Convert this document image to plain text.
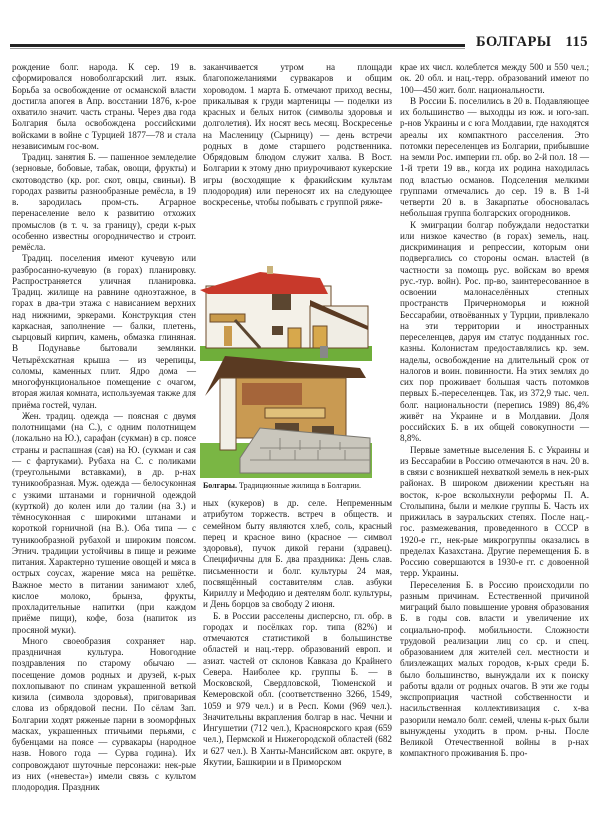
БОЛГАРЫ 115

рождение болг. народа. К сер. 19 в. сформировался новоболгарский лит. язык. Борьба за освобождение от османской власти достигла апогея в Апр. восстании 1876, к-рое охватило значит. часть страны. Через два года Болгария была освобождена российскими войсками в войне с Турцией 1877—78 и стала независимым гос-вом.

Традиц. занятия Б. — пашенное земледелие (зерновые, бобовые, табак, овощи, фрукты) и скотоводство (кр. рог. скот, овцы, свиньи). В городах развиты разнообразные ремёсла, в 19 в. зародилась пром-сть. Аграрное перенаселение вело к развитию отхожих промыслов (в т. ч. за границу), среди к-рых особенно известны огородничество и строит. ремёсла.

Традиц. поселения имеют кучевую или разбросанно-кучевую (в горах) планировку. Распространяется уличная планировка. Традиц. жилище на равнине одноэтажное, в горах в два-три этажа с нависанием верхних над нижними, эркерами. Конструкция стен каркасная, заполнение — балки, плетень, сырцовый кирпич, камень, обмазка глиняная. В Подунавье бытовали землянки. Четырёхскатная крыша — из черепицы, соломы, каменных плит. Ядро дома — многофункциональное помещение с очагом, вторая жилая комната, используемая также для приёма гостей, чулан.

Жен. традиц. одежда — поясная с двумя полотнищами (на С.), с одним полотнищем (локально на Ю.), сарафан (сукман) в ср. поясе страны и распашная (сая) на Ю. (сукман и сая — с фартуками). Рубаха на С. с поликами (треугольными вставками), в др. р-нах туникообразная. Муж. одежда — белосуконная с узкими штанами и горничной одеждой (курткой) до колен или до талии (на З.) и тёмносуконная с широкими штанами и короткой горничной (на В.). Оба типа — с туникообразной рубахой и широким поясом. Этнич. традиции устойчивы в пище и режиме питания. Характерно тушение овощей и мяса в острых соусах, жарение мяса на решётке. Важное место в питании занимают хлеб, кислое молоко, брынза, фрукты, прохладительные напитки (при каждом приёме пищи), кофе, боза (напиток из просяной муки).

Много своеобразия сохраняет нар. праздничная культура. Новогодние поздравления по старому обычаю — посещение домов родных и друзей, к-рых похлопывают по спинам украшенной веткой кизила (символа здоровья), приговаривая слова из обрядовой песни. По сёлам Зап. Болгарии ходят ряженые парни в зооморфных масках, украшенных птичьими перьями, с бубенцами на поясе — сурвакары (народное назв. Нового года — Сурва година). Их сопровождают шуточные персонажи: нек-рые из них («невеста») имели связь с культом плодородия. Праздник

заканчивается утром на площади благопожеланиями сурвакаров и общим хороводом. 1 марта Б. отмечают приход весны, прикалывая к груди мартеницы — поделки из красных и белых ниток (символы здоровья и долголетия). Их носят весь месяц. Воскресенье на Масленицу (Сырницу) — день встречи родных в доме старшего родственника. Обрядовым блюдом служит халва. В Вост. Болгарии к этому дню приурочивают кукерские игры (восходящие к фракийским культам плодородия) или переносят их на следующее воскресенье, чтобы побывать с группой ряже-

Болгары. Традиционные жилища в Болгарии.

ных (кукеров) в др. селе. Непременным атрибутом торжеств. встреч в обществ. и семейном быту являются хлеб, соль, красный перец и красное вино (красное — символ здоровья), пучок дикой герани (здравец). Специфичны для Б. два праздника: День слав. письменности и болг. культуры 24 мая, посвящённый составителям слав. азбуки Кириллу и Мефодию и деятелям болг. культуры, и День борцов за свободу 2 июня.

Б. в России расселены дисперсно, гл. обр. в городах и посёлках гор. типа (82%) и отмечаются статистикой в большинстве областей и нац.-терр. образований европ. и азиат. частей от склонов Кавказа до Крайнего Севера. Наиболее кр. группы Б. — в Московской, Свердловской, Тюменской и Кемеровской обл. (соответственно 3266, 1549, 1059 и 979 чел.) и в Респ. Коми (969 чел.). Значительны вкрапления болгар в нас. Чечни и Ингушетии (712 чел.), Красноярского края (659 чел.), Пермской и Нижегородской областей (682 и 627 чел.). В Ханты-Мансийском авт. округе, в Якутии, Башкирии и в Приморском

крае их числ. колеблется между 500 и 550 чел.; ок. 20 обл. и нац.-терр. образований имеют по 100—450 жит. болг. национальности.

В России Б. поселились в 20 в. Подавляющее их большинство — выходцы из юж. и юго-зап. р-нов Украины и с юга Молдавии, где находятся ареалы их компактного расселения. Это потомки переселенцев из Болгарии, прибывшие на земли Рос. империи гл. обр. во 2-й пол. 18 — 1-й трети 19 вв., когда их родина находилась под властью османов. Подселения мелкими группами отмечались до сер. 19 в. В 1-й четверти 20 в. в Закарпатье обосновалась небольшая группа болгарских огородников.

К эмиграции болгар побуждали недостатки или низкое качество (в горах) земель, нац. дискриминация и репрессии, которым они подвергались со стороны осман. властей (в частности за помощь рус. войскам во время рус.-тур. войн). Рос. пр-во, заинтересованное в освоении малонаселённых степных пространств Причерноморья и южной Бессарабии, отвоёванных у Турции, привлекало на эти территории и иностранных переселенцев, даруя им статус подданных гос. казны. Колонистам предоставлялись кр. зем. наделы, освобождение на длительный срок от налогов и воин. повинности. На этих землях до сих пор проживает большая часть потомков первых Б.-переселенцев. Так, из 372,9 тыс. чел. болг. национальности (перепись 1989) 86,4% живёт на Украине и в Молдавии. Доля российских Б. в их общей совокупности — 8,8%.

Первые заметные выселения Б. с Украины и из Бессарабии в Россию отмечаются в нач. 20 в. в связи с возникшей нехваткой земель в нек-рых районах. В широком движении крестьян на восток, к-рое всколыхнули реформы П. А. Столыпина, были и мелкие группы Б. Часть их прижилась в зауральских степях. После нац.-гос. размежевания, проведенного в СССР в 1920-е гг., нек-рые микрогруппы оказались в пределах Казахстана. Другие перемещения Б. в Россию совершаются в 1930-е гг. с довоенной терр. Украины.

Переселения Б. в Россию происходили по разным причинам. Естественной причиной миграций было повышение уровня образования Б. в годы сов. власти и увеличение их социально-проф. мобильности. Сложности трудовой реализации лиц со ср. и спец. образованием для жителей сел. местности и близлежащих малых городов, к-рых среди Б. было большинство, вынуждали их к поиску работы вдали от родных очагов. В эти же годы экспроприация частной собственности и насильственная коллективизация с. х-ва разорили немало болг. семей, члены к-рых были вынуждены уходить в пром. р-ны. После Великой Отечественной войны в р-нах компактного проживания Б. про-
